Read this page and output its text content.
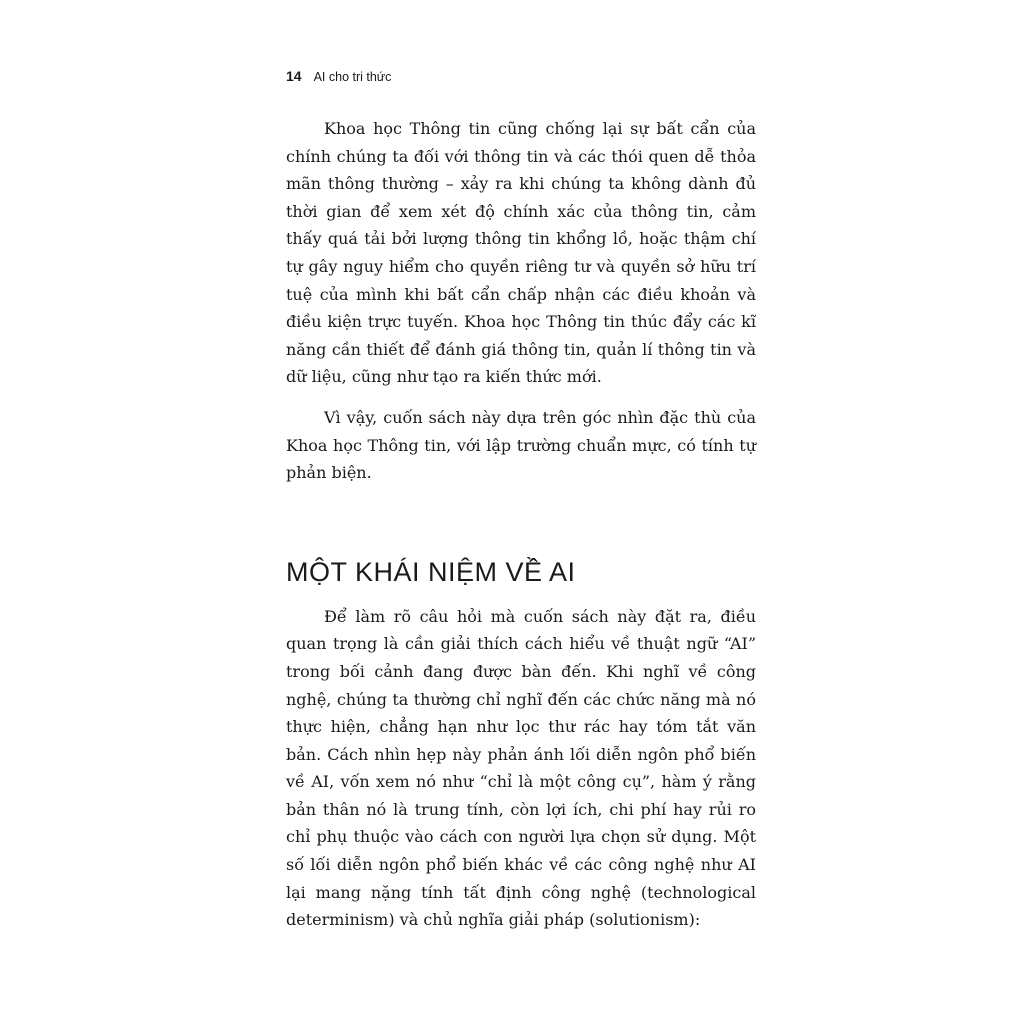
14 AI cho tri thức

Khoa học Thông tin cũng chống lại sự bất cẩn của chính chúng ta đối với thông tin và các thói quen dễ thỏa mãn thông thường – xảy ra khi chúng ta không dành đủ thời gian để xem xét độ chính xác của thông tin, cảm thấy quá tải bởi lượng thông tin khổng lồ, hoặc thậm chí tự gây nguy hiểm cho quyền riêng tư và quyền sở hữu trí tuệ của mình khi bất cẩn chấp nhận các điều khoản và điều kiện trực tuyến. Khoa học Thông tin thúc đẩy các kĩ năng cần thiết để đánh giá thông tin, quản lí thông tin và dữ liệu, cũng như tạo ra kiến thức mới.

Vì vậy, cuốn sách này dựa trên góc nhìn đặc thù của Khoa học Thông tin, với lập trường chuẩn mực, có tính tự phản biện.

MỘT KHÁI NIỆM VỀ AI

Để làm rõ câu hỏi mà cuốn sách này đặt ra, điều quan trọng là cần giải thích cách hiểu về thuật ngữ “AI” trong bối cảnh đang được bàn đến. Khi nghĩ về công nghệ, chúng ta thường chỉ nghĩ đến các chức năng mà nó thực hiện, chẳng hạn như lọc thư rác hay tóm tắt văn bản. Cách nhìn hẹp này phản ánh lối diễn ngôn phổ biến về AI, vốn xem nó như “chỉ là một công cụ”, hàm ý rằng bản thân nó là trung tính, còn lợi ích, chi phí hay rủi ro chỉ phụ thuộc vào cách con người lựa chọn sử dụng. Một số lối diễn ngôn phổ biến khác về các công nghệ như AI lại mang nặng tính tất định công nghệ (technological determinism) và chủ nghĩa giải pháp (solutionism):
